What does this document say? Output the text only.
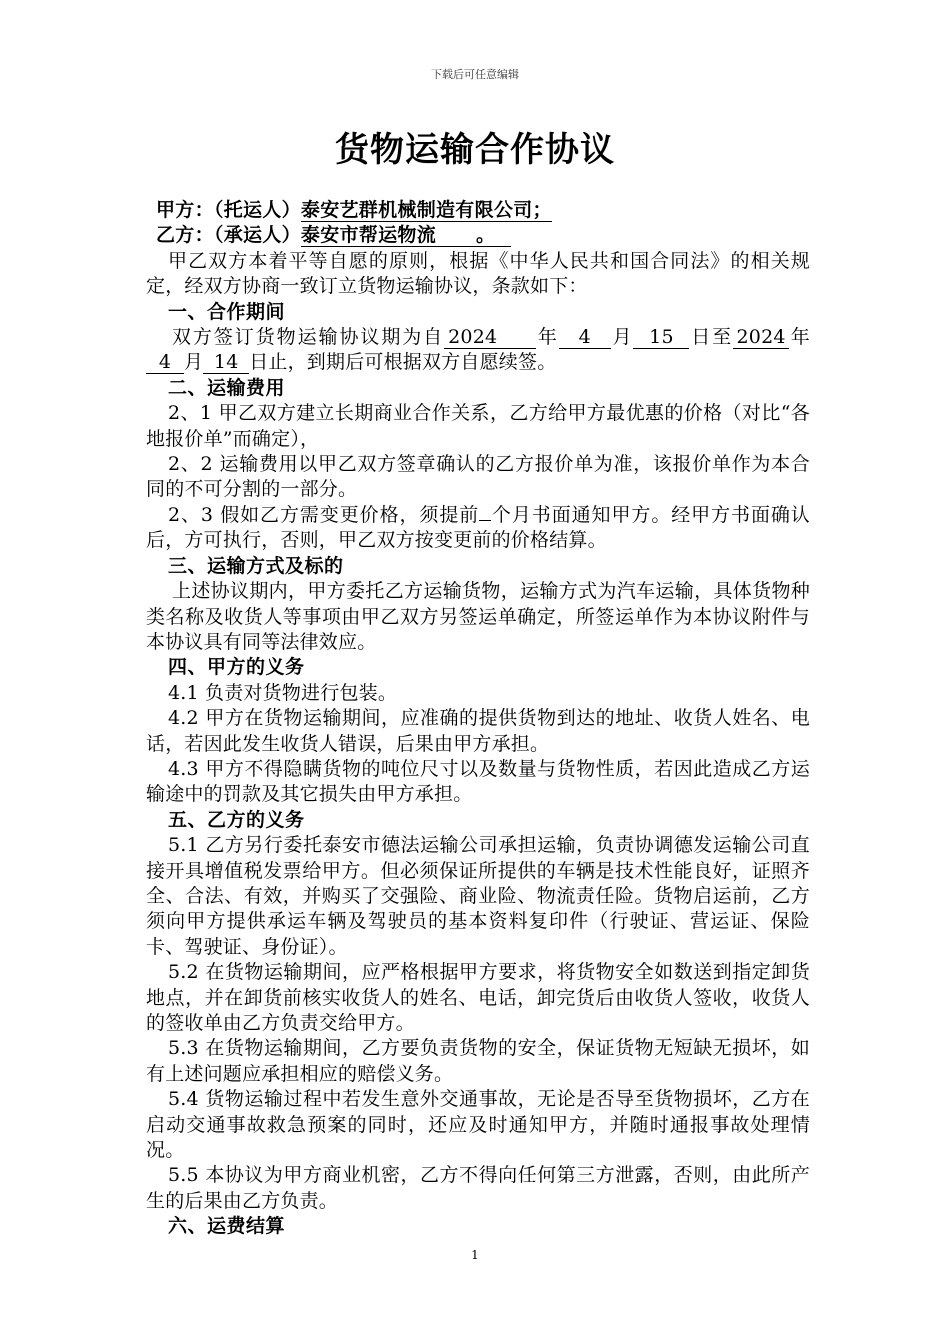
下载后可任意编辑
货物运输合作协议
甲方：（托运人）泰安艺群机械制造有限公司；
乙方：（承运人）泰安市帮运物流 。
甲乙双方本着平等自愿的原则，根据《中华人民共和国合同法》的相关规定，经双方协商一致订立货物运输协议，条款如下：
一、合作期间
双方签订货物运输协议期为自 2024 年 4 月 15 日至 2024 年4 月 14 日止，到期后可根据双方自愿续签。
二、运输费用
2、1 甲乙双方建立长期商业合作关系，乙方给甲方最优惠的价格（对比“各地报价单”而确定），
2、2 运输费用以甲乙双方签章确认的乙方报价单为准，该报价单作为本合同的不可分割的一部分。
2、3 假如乙方需变更价格，须提前 个月书面通知甲方。经甲方书面确认后，方可执行，否则，甲乙双方按变更前的价格结算。
三、运输方式及标的
上述协议期内，甲方委托乙方运输货物，运输方式为汽车运输，具体货物种类名称及收货人等事项由甲乙双方另签运单确定，所签运单作为本协议附件与本协议具有同等法律效应。
四、甲方的义务
4.1 负责对货物进行包装。
4.2 甲方在货物运输期间，应准确的提供货物到达的地址、收货人姓名、电话，若因此发生收货人错误，后果由甲方承担。
4.3 甲方不得隐瞒货物的吨位尺寸以及数量与货物性质，若因此造成乙方运输途中的罚款及其它损失由甲方承担。
五、乙方的义务
5.1 乙方另行委托泰安市德法运输公司承担运输，负责协调德发运输公司直接开具增值税发票给甲方。但必须保证所提供的车辆是技术性能良好，证照齐全、合法、有效，并购买了交强险、商业险、物流责任险。货物启运前，乙方须向甲方提供承运车辆及驾驶员的基本资料复印件（行驶证、营运证、保险卡、驾驶证、身份证）。
5.2 在货物运输期间，应严格根据甲方要求，将货物安全如数送到指定卸货地点，并在卸货前核实收货人的姓名、电话，卸完货后由收货人签收，收货人的签收单由乙方负责交给甲方。
5.3 在货物运输期间，乙方要负责货物的安全，保证货物无短缺无损坏，如有上述问题应承担相应的赔偿义务。
5.4 货物运输过程中若发生意外交通事故，无论是否导至货物损坏，乙方在启动交通事故救急预案的同时，还应及时通知甲方，并随时通报事故处理情况。
5.5 本协议为甲方商业机密，乙方不得向任何第三方泄露，否则，由此所产生的后果由乙方负责。
六、运费结算
1
